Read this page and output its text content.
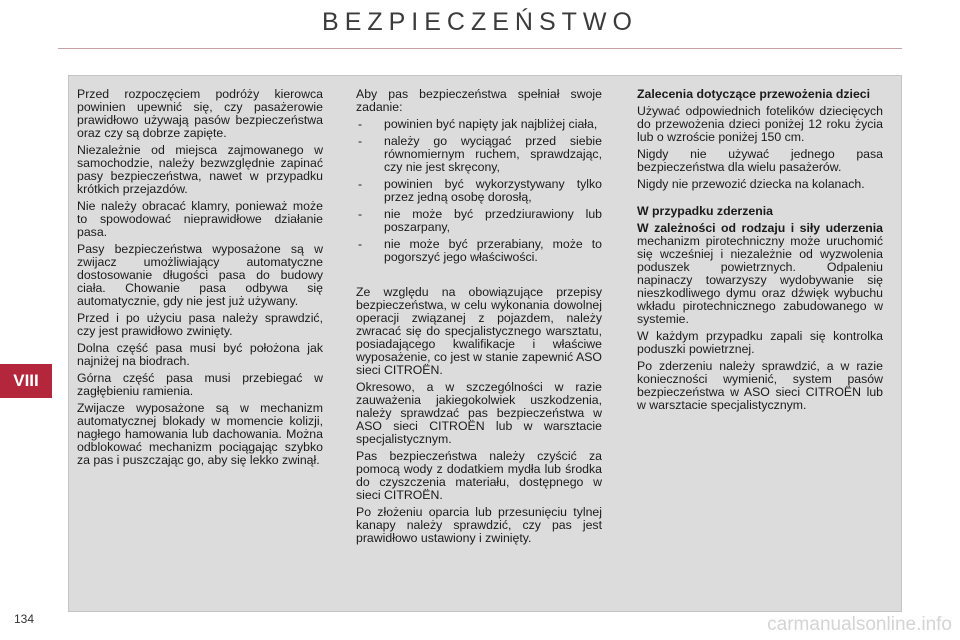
BEZPIECZEŃSTWO
VIII

Przed rozpoczęciem podróży kierowca powinien upewnić się, czy pasażerowie prawidłowo używają pasów bezpieczeństwa oraz czy są dobrze zapięte.

Niezależnie od miejsca zajmowanego w samochodzie, należy bezwzględnie zapinać pasy bezpieczeństwa, nawet w przypadku krótkich przejazdów.

Nie należy obracać klamry, ponieważ może to spowodować nieprawidłowe działanie pasa.

Pasy bezpieczeństwa wyposażone są w zwijacz umożliwiający automatyczne dostosowanie długości pasa do budowy ciała. Chowanie pasa odbywa się automatycznie, gdy nie jest już używany.

Przed i po użyciu pasa należy sprawdzić, czy jest prawidłowo zwinięty.

Dolna część pasa musi być położona jak najniżej na biodrach.

Górna część pasa musi przebiegać w zagłębieniu ramienia.

Zwijacze wyposażone są w mechanizm automatycznej blokady w momencie kolizji, nagłego hamowania lub dachowania. Można odblokować mechanizm pociągając szybko za pas i puszczając go, aby się lekko zwinął.

Aby pas bezpieczeństwa spełniał swoje zadanie:

- powinien być napięty jak najbliżej ciała,
- należy go wyciągać przed siebie równomiernym ruchem, sprawdzając, czy nie jest skręcony,
- powinien być wykorzystywany tylko przez jedną osobę dorosłą,
- nie może być przedziurawiony lub poszarpany,
- nie może być przerabiany, może to pogorszyć jego właściwości.

Ze względu na obowiązujące przepisy bezpieczeństwa, w celu wykonania dowolnej operacji związanej z pojazdem, należy zwracać się do specjalistycznego warsztatu, posiadającego kwalifikacje i właściwe wyposażenie, co jest w stanie zapewnić ASO sieci CITROËN.

Okresowo, a w szczególności w razie zauważenia jakiegokolwiek uszkodzenia, należy sprawdzać pas bezpieczeństwa w ASO sieci CITROËN lub w warsztacie specjalistycznym.

Pas bezpieczeństwa należy czyścić za pomocą wody z dodatkiem mydła lub środka do czyszczenia materiału, dostępnego w sieci CITROËN.

Po złożeniu oparcia lub przesunięciu tylnej kanapy należy sprawdzić, czy pas jest prawidłowo ustawiony i zwinięty.

Zalecenia dotyczące przewożenia dzieci

Używać odpowiednich fotelików dziecięcych do przewożenia dzieci poniżej 12 roku życia lub o wzroście poniżej 150 cm.

Nigdy nie używać jednego pasa bezpieczeństwa dla wielu pasażerów.

Nigdy nie przewozić dziecka na kolanach.

W przypadku zderzenia

W zależności od rodzaju i siły uderzenia mechanizm pirotechniczny może uruchomić się wcześniej i niezależnie od wyzwolenia poduszek powietrznych. Odpaleniu napinaczy towarzyszy wydobywanie się nieszkodliwego dymu oraz dźwięk wybuchu wkładu pirotechnicznego zabudowanego w systemie.

W każdym przypadku zapali się kontrolka poduszki powietrznej.

Po zderzeniu należy sprawdzić, a w razie konieczności wymienić, system pasów bezpieczeństwa w ASO sieci CITROËN lub w warsztacie specjalistycznym.

134	carmanualsonline.info
